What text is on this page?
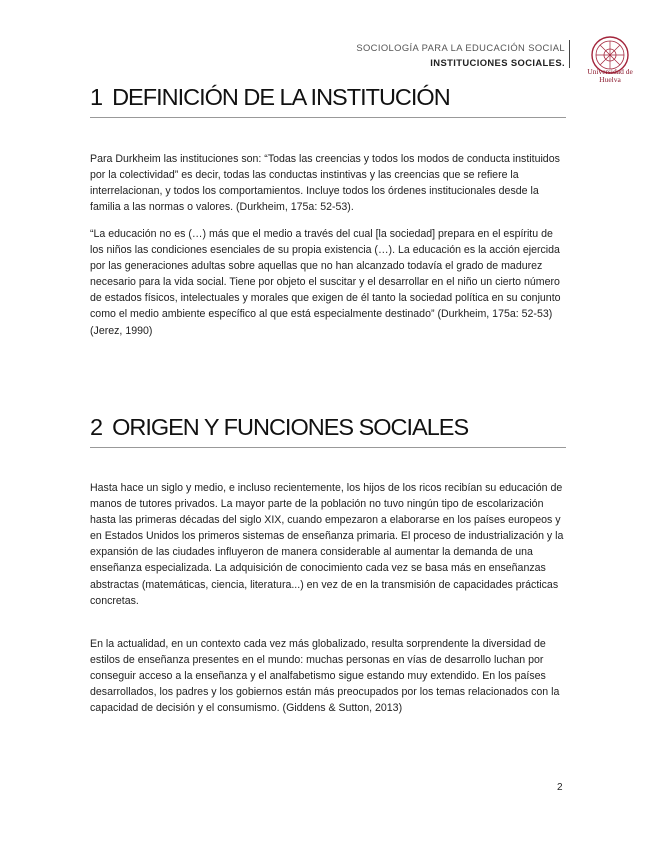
SOCIOLOGÍA PARA LA EDUCACIÓN SOCIAL
INSTITUCIONES SOCIALES.
Universidad de Huelva
1 DEFINICIÓN DE LA INSTITUCIÓN
Para Durkheim las instituciones son: “Todas las creencias y todos los modos de conducta instituidos por la colectividad” es decir, todas las conductas instintivas y las creencias que se refiere la interrelacionan, y todos los comportamientos. Incluye todos los órdenes institucionales desde la familia a las normas o valores. (Durkheim, 175a: 52-53).
“La educación no es (…) más que el medio a través del cual [la sociedad] prepara en el espíritu de los niños las condiciones esenciales de su propia existencia (…). La educación es la acción ejercida por las generaciones adultas sobre aquellas que no han alcanzado todavía el grado de madurez necesario para la vida social. Tiene por objeto el suscitar y el desarrollar en el niño un cierto número de estados físicos, intelectuales y morales que exigen de él tanto la sociedad política en su conjunto como el medio ambiente específico al que está especialmente destinado” (Durkheim, 175a: 52-53) (Jerez, 1990)
2 ORIGEN Y FUNCIONES SOCIALES
Hasta hace un siglo y medio, e incluso recientemente, los hijos de los ricos recibían su educación de manos de tutores privados. La mayor parte de la población no tuvo ningún tipo de escolarización hasta las primeras décadas del siglo XIX, cuando empezaron a elaborarse en los países europeos y en Estados Unidos los primeros sistemas de enseñanza primaria. El proceso de industrialización y la expansión de las ciudades influyeron de manera considerable al aumentar la demanda de una enseñanza especializada. La adquisición de conocimiento cada vez se basa más en enseñanzas abstractas (matemáticas, ciencia, literatura...) en vez de en la transmisión de capacidades prácticas concretas.
En la actualidad, en un contexto cada vez más globalizado, resulta sorprendente la diversidad de estilos de enseñanza presentes en el mundo: muchas personas en vías de desarrollo luchan por conseguir acceso a la enseñanza y el analfabetismo sigue estando muy extendido. En los países desarrollados, los padres y los gobiernos están más preocupados por los temas relacionados con la capacidad de decisión y el consumismo. (Giddens & Sutton, 2013)
2
